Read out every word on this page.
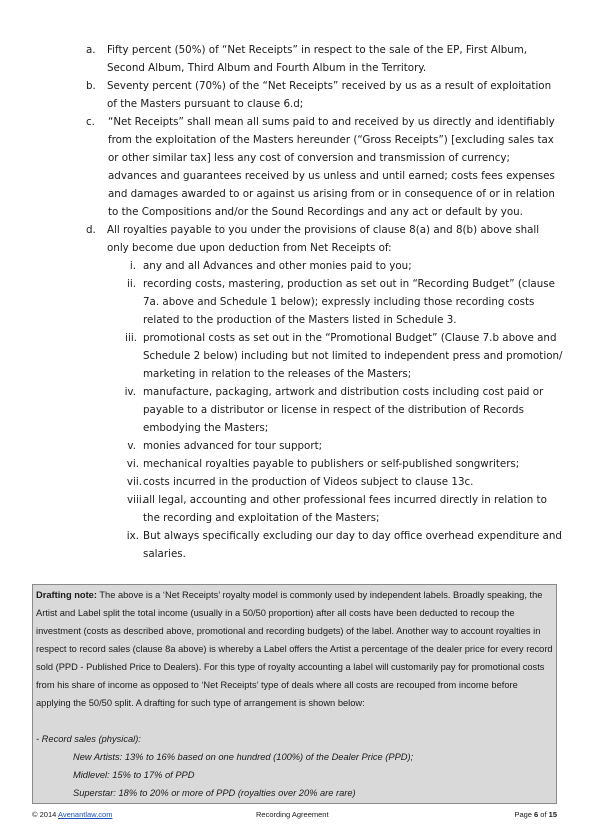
a. Fifty percent (50%) of “Net Receipts” in respect to the sale of the EP, First Album, Second Album, Third Album and Fourth Album in the Territory.
b. Seventy percent (70%) of the “Net Receipts” received by us as a result of exploitation of the Masters pursuant to clause 6.d;
c. “Net Receipts” shall mean all sums paid to and received by us directly and identifiably from the exploitation of the Masters hereunder (“Gross Receipts”) [excluding sales tax or other similar tax] less any cost of conversion and transmission of currency; advances and guarantees received by us unless and until earned; costs fees expenses and damages awarded to or against us arising from or in consequence of or in relation to the Compositions and/or the Sound Recordings and any act or default by you.
d. All royalties payable to you under the provisions of clause 8(a) and 8(b) above shall only become due upon deduction from Net Receipts of:
i. any and all Advances and other monies paid to you;
ii. recording costs, mastering, production as set out in “Recording Budget” (clause 7a. above and Schedule 1 below); expressly including those recording costs related to the production of the Masters listed in Schedule 3.
iii. promotional costs as set out in the “Promotional Budget” (Clause 7.b above and Schedule 2 below) including but not limited to independent press and promotion/ marketing in relation to the releases of the Masters;
iv. manufacture, packaging, artwork and distribution costs including cost paid or payable to a distributor or license in respect of the distribution of Records embodying the Masters;
v. monies advanced for tour support;
vi. mechanical royalties payable to publishers or self-published songwriters;
vii. costs incurred in the production of Videos subject to clause 13c.
viii.
all legal, accounting and other professional fees incurred directly in relation to the recording and exploitation of the Masters;
ix. But always specifically excluding our day to day office overhead expenditure and salaries.

Drafting note: The above is a ‘Net Receipts’ royalty model is commonly used by independent labels. Broadly speaking, the Artist and Label split the total income (usually in a 50/50 proportion) after all costs have been deducted to recoup the investment (costs as described above, promotional and recording budgets) of the label. Another way to account royalties in respect to record sales (clause 8a above) is whereby a Label offers the Artist a percentage of the dealer price for every record sold (PPD - Published Price to Dealers). For this type of royalty accounting a label will customarily pay for promotional costs from his share of income as opposed to ‘Net Receipts’ type of deals where all costs are recouped from income before applying the 50/50 split. A drafting for such type of arrangement is shown below:

- Record sales (physical):
New Artists: 13% to 16% based on one hundred (100%) of the Dealer Price (PPD);
Midlevel: 15% to 17% of PPD
Superstar: 18% to 20% or more of PPD (royalties over 20% are rare)
© 2014 Avenantlaw.com	Recording Agreement	Page 6 of 15
